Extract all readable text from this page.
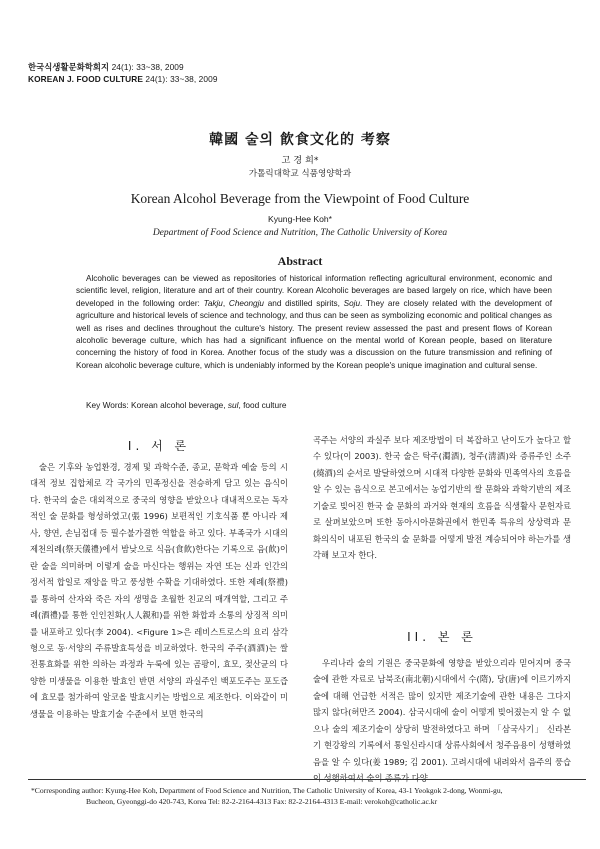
한국식생활문화학회지 24(1): 33~38, 2009
KOREAN J. FOOD CULTURE 24(1): 33~38, 2009
韓國 술의 飮食文化的 考察
고 경 희*
가톨릭대학교 식품영양학과
Korean Alcohol Beverage from the Viewpoint of Food Culture
Kyung-Hee Koh*
Department of Food Science and Nutrition, The Catholic University of Korea
Abstract

Alcoholic beverages can be viewed as repositories of historical information reflecting agricultural environment, economic and scientific level, religion, literature and art of their country. Korean Alcoholic beverages are based largely on rice, which have been developed in the following order: Takju, Cheongju and distilled spirits, Soju. They are closely related with the development of agriculture and historical levels of science and technology, and thus can be seen as symbolizing economic and political changes as well as rises and declines throughout the culture's history. The present review assessed the past and present flows of Korean alcoholic beverage culture, which has had a significant influence on the mental world of Korean people, based on literature concerning the history of food in Korea. Another focus of the study was a discussion on the future transmission and refining of Korean alcoholic beverage culture, which is undeniably informed by the Korean people's unique imagination and cultural sense.

Key Words: Korean alcohol beverage, sul, food culture
I. 서 론

술은 기후와 농업환경, 경제 및 과학수준, 종교, 문학과 예술 등의 시대적 정보 집합체로 각 국가의 민족정신을 전승하게 담고 있는 음식이다. 한국의 술은 대외적으로 중국의 영향을 받았으나 대내적으로는 독자적인 술 문화를 형성하였고(張 1996) 보편적인 기호식품 뿐 아니라 제사, 향연, 손님접대 등 필수불가결한 역할을 하고 있다. 부족국가 시대의 제천의례(祭天儀禮)에서 밤낮으로 식음(食飮)한다는 기록으로 음(飮)이란 술을 의미하며 이렇게 술을 마신다는 행위는 자연 또는 신과 인간의 정서적 합일로 재앙을 막고 풍성한 수확을 기대하였다. 또한 제례(祭禮)를 통하여 산자와 죽은 자의 생명을 초월한 친교의 매개역할, 그리고 주례(酒禮)를 통한 인인친화(人人親和)를 위한 화합과 소통의 상징적 의미를 내포하고 있다(李 2004). <Figure 1>은 레비스트로스의 요리 삼각형으로 동·서양의 주류발효특성을 비교하였다. 한국의 주주(酒酒)는 쌀 전통효화를 위한 의하는 과정과 누룩에 있는 곰팡이, 효모, 젖산균의 다양한 미생물을 이용한 발효인 반면 서양의 과실주인 백포도주는 포도즙에 효모를 첨가하여 알코올 발효시키는 방법으로 제조한다. 이와같이 미생물을 이용하는 발효기술 수준에서 보면 한국의

곡주는 서양의 과실주 보다 제조방법이 더 복잡하고 난이도가 높다고 할 수 있다(이 2003). 한국 술은 탁주(濁酒), 청주(淸酒)와 증류주인 소주(燒酒)의 순서로 발달하였으며 시대적 다양한 문화와 민족역사의 흐름을 알 수 있는 음식으로 본고에서는 농업기반의 쌀 문화와 과학기반의 제조기술로 빚어진 한국 술 문화의 과거와 현재의 흐름을 식생활사 문헌자료로 살펴보았으며 또한 동아시아문화권에서 한민족 특유의 상상력과 문화의식이 내포된 한국의 술 문화를 어떻게 발전 계승되어야 하는가를 생각해 보고자 한다.

II. 본 론

우리나라 술의 기원은 중국문화에 영향을 받았으리라 믿어지며 중국술에 관한 자료로 남북조(南北朝)시대에서 수(隋), 당(唐)에 이르기까지 술에 대해 언급한 서적은 많이 있지만 제조기술에 관한 내용은 그다지 많지 않다(허만즈 2004). 삼국시대에 술이 어떻게 빚어졌는지 알 수 없으나 술의 제조기술이 상당히 발전하였다고 하며 「삼국사기」 신라본기 현강왕의 기록에서 통일신라시대 상류사회에서 청주음용이 성행하였음을 알 수 있다(姜 1989; 김 2001). 고려시대에 내려와서 음주의 풍습이 성행하여서 술의 종류가 다양

*Corresponding author: Kyung-Hee Koh, Department of Food Science and Nutrition, The Catholic University of Korea, 43-1 Yeokgok 2-dong, Wonmi-gu,
Bucheon, Gyeonggi-do 420-743, Korea Tel: 82-2-2164-4313 Fax: 82-2-2164-4313 E-mail: verokoh@catholic.ac.kr
